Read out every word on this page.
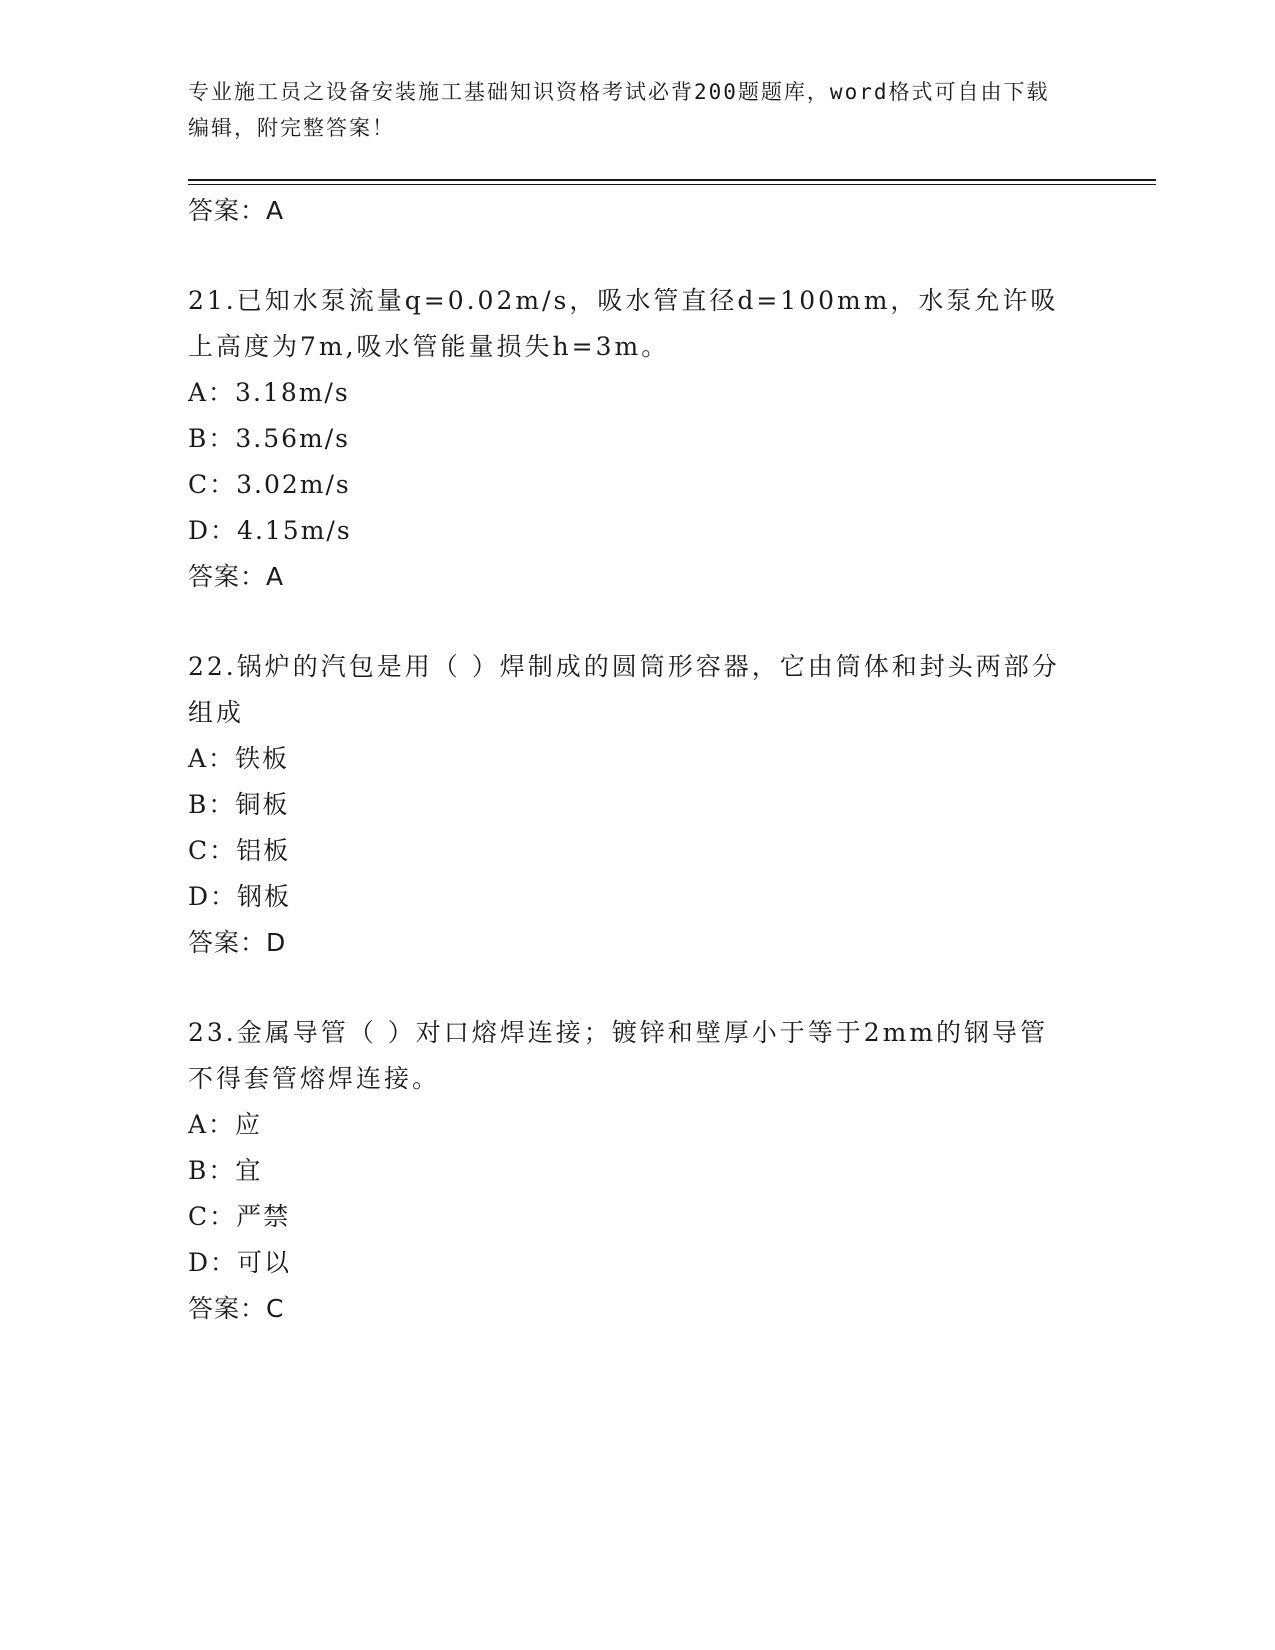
专业施工员之设备安装施工基础知识资格考试必背200题题库，word格式可自由下载编辑，附完整答案！
答案：A
21.已知水泵流量q=0.02m/s，吸水管直径d=100mm，水泵允许吸上高度为7m,吸水管能量损失h=3m。
A：3.18m/s
B：3.56m/s
C：3.02m/s
D：4.15m/s
答案：A
22.锅炉的汽包是用（ ）焊制成的圆筒形容器，它由筒体和封头两部分组成
A：铁板
B：铜板
C：铝板
D：钢板
答案：D
23.金属导管（ ）对口熔焊连接；镀锌和壁厚小于等于2mm的钢导管不得套管熔焊连接。
A：应
B：宜
C：严禁
D：可以
答案：C
